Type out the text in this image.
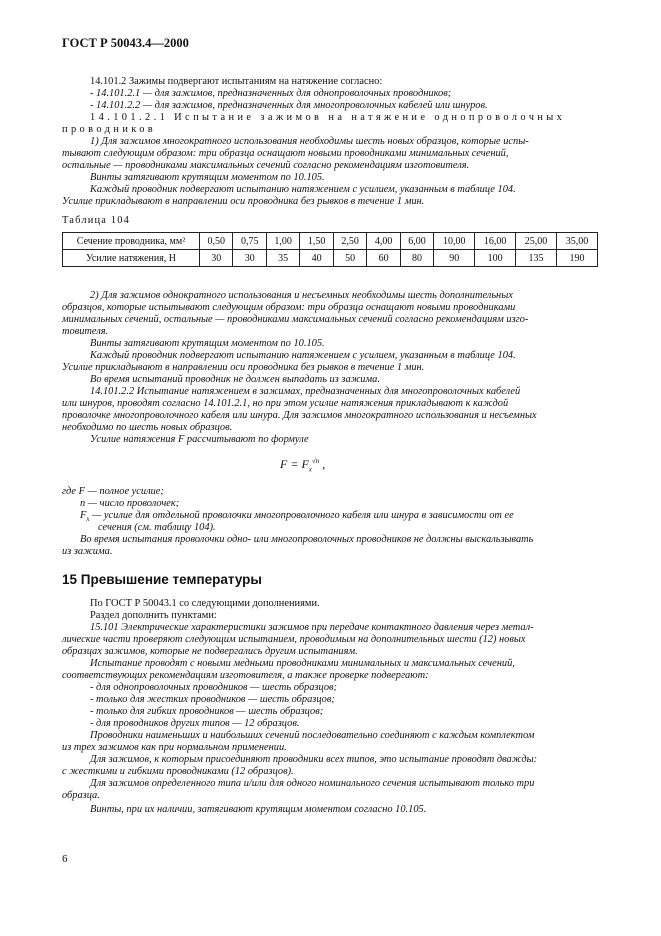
ГОСТ Р 50043.4—2000
14.101.2 Зажимы подвергают испытаниям на натяжение согласно:
- 14.101.2.1 — для зажимов, предназначенных для однопроволочных проводников;
- 14.101.2.2 — для зажимов, предназначенных для многопроволочных кабелей или шнуров.
14.101.2.1 Испытание зажимов на натяжение однопроволочных
проводников
1) Для зажимов многократного использования необходимы шесть новых образцов, которые испы-
тывают следующим образом: три образца оснащают новыми проводниками минимальных сечений,
остальные — проводниками максимальных сечений согласно рекомендациям изготовителя.
Винты затягивают крутящим моментом по 10.105.
Каждый проводник подвергают испытанию натяжением с усилием, указанным в таблице 104.
Усилие прикладывают в направлении оси проводника без рывков в течение 1 мин.
Таблица 104
Сечение проводника, мм²	0,50	0,75	1,00	1,50	2,50	4,00	6,00	10,00	16,00	25,00	35,00
Усилие натяжения, Н	30	30	35	40	50	60	80	90	100	135	190
2) Для зажимов однократного использования и несъемных необходимы шесть дополнительных
образцов, которые испытывают следующим образом: три образца оснащают новыми проводниками
минимальных сечений, остальные — проводниками максимальных сечений согласно рекомендациям изго-
товителя.
Винты затягивают крутящим моментом по 10.105.
Каждый проводник подвергают испытанию натяжением с усилием, указанным в таблице 104.
Усилие прикладывают в направлении оси проводника без рывков в течение 1 мин.
Во время испытаний проводник не должен выпадать из зажима.
14.101.2.2 Испытание натяжением в зажимах, предназначенных для многопроволочных кабелей
или шнуров, проводят согласно 14.101.2.1, но при этом усилие натяжения прикладывают к каждой
проволочке многопроволочного кабеля или шнура. Для зажимов многократного использования и несъемных
необходимо по шесть новых образцов.
Усилие натяжения F рассчитывают по формуле
$F = F_x^{√n}$ ,
где F — полное усилие;
n — число проволочек;
$F_x$ — усилие для отдельной проволочки многопроволочного кабеля или шнура в зависимости от ее
сечения (см. таблицу 104).
Во время испытания проволочки одно- или многопроволочных проводников не должны выскальзывать
из зажима.
15 Превышение температуры
По ГОСТ Р 50043.1 со следующими дополнениями.
Раздел дополнить пунктами:
15.101 Электрические характеристики зажимов при передаче контактного давления через метал-
лические части проверяют следующим испытанием, проводимым на дополнительных шести (12) новых
образцах зажимов, которые не подвергались другим испытаниям.
Испытание проводят с новыми медными проводниками минимальных и максимальных сечений,
соответствующих рекомендациям изготовителя, а также проверке подвергают:
- для однопроволочных проводников — шесть образцов;
- только для жестких проводников — шесть образцов;
- только для гибких проводников — шесть образцов;
- для проводников других типов — 12 образцов.
Проводники наименьших и наибольших сечений последовательно соединяют с каждым комплектом
из трех зажимов как при нормальном применении.
Для зажимов, к которым присоединяют проводники всех типов, это испытание проводят дважды:
с жесткими и гибкими проводниками (12 образцов).
Для зажимов определенного типа и/или для одного номинального сечения испытывают только три
образца.
Винты, при их наличии, затягивают крутящим моментом согласно 10.105.
6
